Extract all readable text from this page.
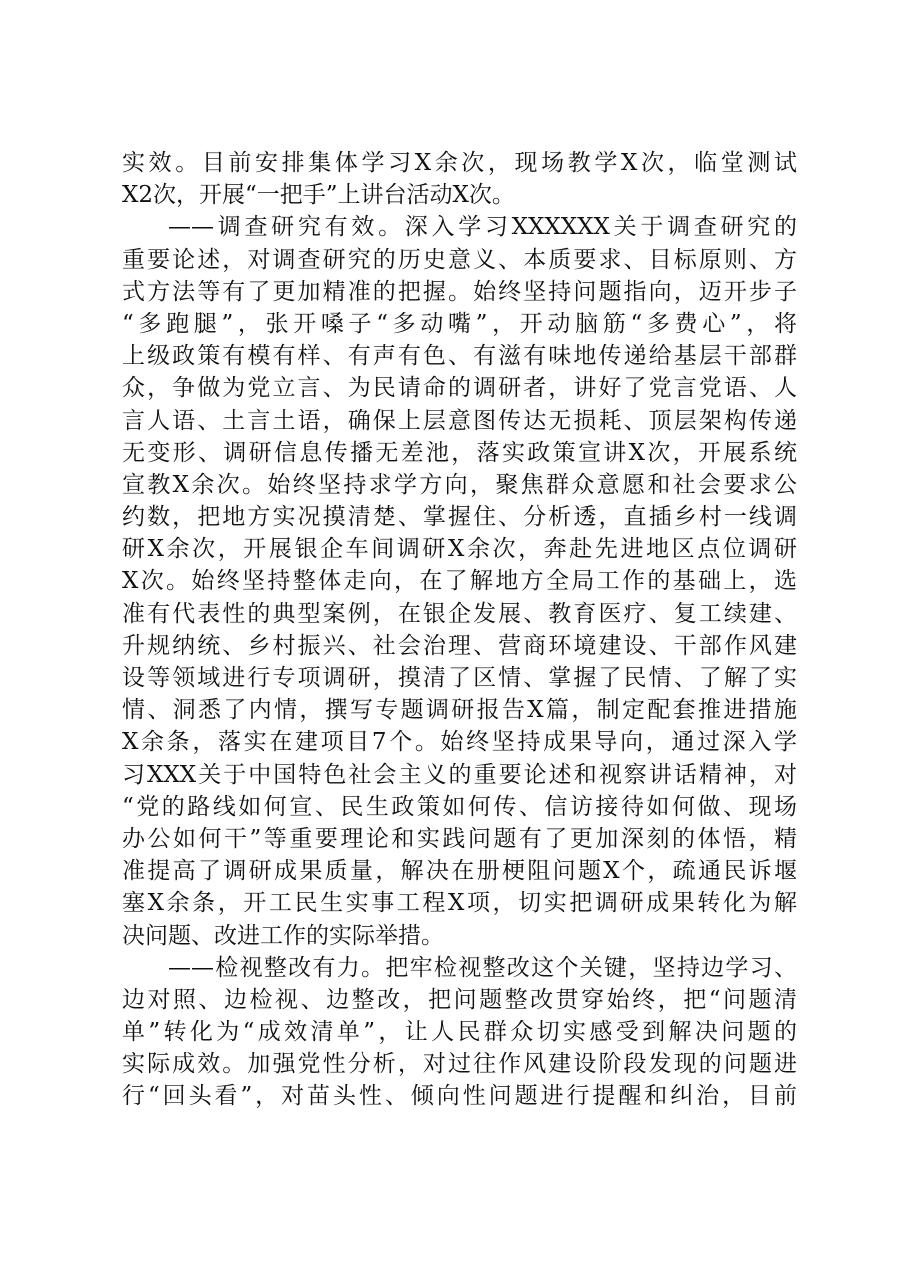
实效。目前安排集体学习X余次，现场教学X次，临堂测试
X2次，开展“一把手”上讲台活动X次。
——调查研究有效。深入学习XXXXXX关于调查研究的
重要论述，对调查研究的历史意义、本质要求、目标原则、方
式方法等有了更加精准的把握。始终坚持问题指向，迈开步子
“多跑腿”，张开嗓子“多动嘴”，开动脑筋“多费心”，将
上级政策有模有样、有声有色、有滋有味地传递给基层干部群
众，争做为党立言、为民请命的调研者，讲好了党言党语、人
言人语、土言土语，确保上层意图传达无损耗、顶层架构传递
无变形、调研信息传播无差池，落实政策宣讲X次，开展系统
宣教X余次。始终坚持求学方向，聚焦群众意愿和社会要求公
约数，把地方实况摸清楚、掌握住、分析透，直插乡村一线调
研X余次，开展银企车间调研X余次，奔赴先进地区点位调研
X次。始终坚持整体走向，在了解地方全局工作的基础上，选
准有代表性的典型案例，在银企发展、教育医疗、复工续建、
升规纳统、乡村振兴、社会治理、营商环境建设、干部作风建
设等领域进行专项调研，摸清了区情、掌握了民情、了解了实
情、洞悉了内情，撰写专题调研报告X篇，制定配套推进措施
X余条，落实在建项目7个。始终坚持成果导向，通过深入学
习XXX关于中国特色社会主义的重要论述和视察讲话精神，对
“党的路线如何宣、民生政策如何传、信访接待如何做、现场
办公如何干”等重要理论和实践问题有了更加深刻的体悟，精
准提高了调研成果质量，解决在册梗阻问题X个，疏通民诉堰
塞X余条，开工民生实事工程X项，切实把调研成果转化为解
决问题、改进工作的实际举措。
——检视整改有力。把牢检视整改这个关键，坚持边学习、
边对照、边检视、边整改，把问题整改贯穿始终，把“问题清
单”转化为“成效清单”，让人民群众切实感受到解决问题的
实际成效。加强党性分析，对过往作风建设阶段发现的问题进
行“回头看”，对苗头性、倾向性问题进行提醒和纠治，目前
